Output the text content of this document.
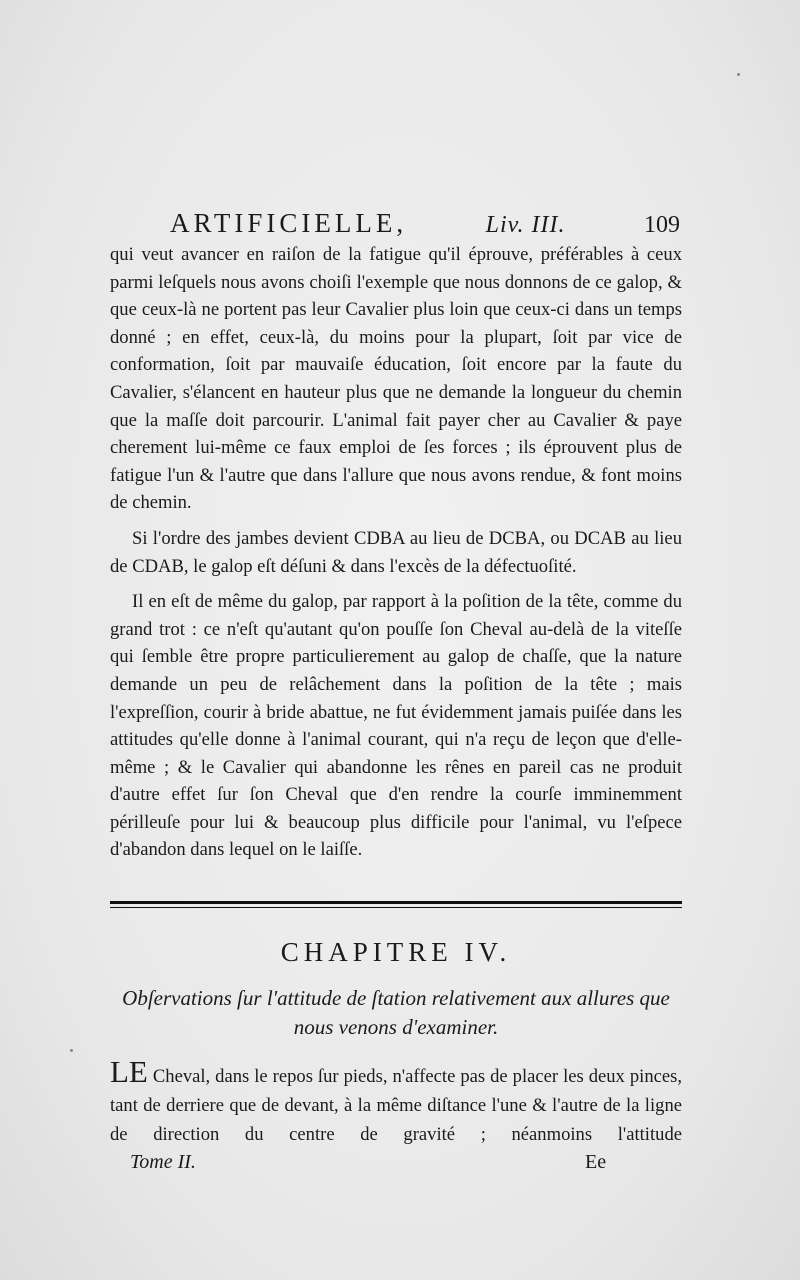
ARTIFICIELLE,	Liv. III.	109

qui veut avancer en raiſon de la fatigue qu'il éprouve, préférables à ceux parmi leſquels nous avons choiſi l'exemple que nous donnons de ce galop, & que ceux-là ne portent pas leur Cavalier plus loin que ceux-ci dans un temps donné ; en effet, ceux-là, du moins pour la plupart, ſoit par vice de conformation, ſoit par mauvaiſe éducation, ſoit encore par la faute du Cavalier, s'élancent en hauteur plus que ne demande la longueur du chemin que la maſſe doit parcourir. L'animal fait payer cher au Cavalier & paye cherement lui-même ce faux emploi de ſes forces ; ils éprouvent plus de fatigue l'un & l'autre que dans l'allure que nous avons rendue, & font moins de chemin.

Si l'ordre des jambes devient CDBA au lieu de DCBA, ou DCAB au lieu de CDAB, le galop eſt déſuni & dans l'excès de la défectuoſité.

Il en eſt de même du galop, par rapport à la poſition de la tête, comme du grand trot : ce n'eſt qu'autant qu'on pouſſe ſon Cheval au-delà de la viteſſe qui ſemble être propre particulierement au galop de chaſſe, que la nature demande un peu de relâchement dans la poſition de la tête ; mais l'expreſſion, courir à bride abattue, ne fut évidemment jamais puiſée dans les attitudes qu'elle donne à l'animal courant, qui n'a reçu de leçon que d'elle-même ; & le Cavalier qui abandonne les rênes en pareil cas ne produit d'autre effet ſur ſon Cheval que d'en rendre la courſe imminemment périlleuſe pour lui & beaucoup plus difficile pour l'animal, vu l'eſpece d'abandon dans lequel on le laiſſe.

CHAPITRE IV.
Obſervations ſur l'attitude de ſtation relativement aux allures que nous venons d'examiner.

LE Cheval, dans le repos ſur pieds, n'affecte pas de placer les deux pinces, tant de derriere que de devant, à la même diſtance l'une & l'autre de la ligne de direction du centre de gravité ; néanmoins l'attitude

Tome II.	Ee
